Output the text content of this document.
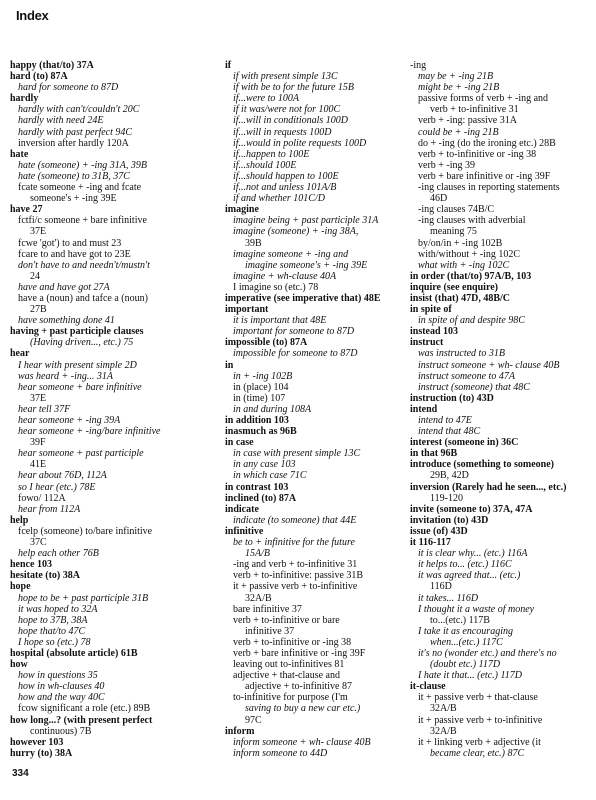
Index
happy (that/to) 37A
hard (to) 87A
hard for someone to 87D
hardly
hardly with can't/couldn't 20C
hardly with need 24E
hardly with past perfect 94C
inversion after hardly 120A
hate
hate (someone) + -ing 31A, 39B
hate (someone) to 31B, 37C
fcate someone + -ing and fcate
someone's + -ing 39E
have 27
fctfi/c someone + bare infinitive
37E
fcwe 'got') to and must 23
fcare to and have got to 23E
don't have to and needn't/mustn't
24
have and have got 27A
have a (noun) and tafce a (noun)
27B
have something done 41
having + past participle clauses
(Having driven..., etc.) 75
hear
I hear with present simple 2D
was heard + -ing... 31A
hear someone + bare infinitive
37E
hear tell 37F
hear someone + -ing 39A
hear someone + -ing/bare infinitive
39F
hear someone + past participle
41E
hear about 76D, 112A
so I hear (etc.) 78E
fowo/ 112A
hear from 112A
help
fcelp (someone) to/bare infinitive
37C
help each other 76B
hence 103
hesitate (to) 38A
hope
hope to be + past participle 31B
it was hoped to 32A
hope to 37B, 38A
hope that/to 47C
I hope so (etc.) 78
hospital (absolute article) 61B
how
how in questions 35
how in wh-clauses 40
how and the way 40C
fcow significant a role (etc.) 89B
how long...? (with present perfect
continuous) 7B
however 103
hurry (to) 38A
if
if with present simple 13C
if with be to for the future 15B
if...were to 100A
if it was/were not for 100C
if...will in conditionals 100D
if...will in requests 100D
if...would in polite requests 100D
if...happen to 100E
if...should 100E
if...should happen to 100E
if...not and unless 101A/B
if and whether 101C/D
imagine
imagine being + past participle 31A
imagine (someone) + -ing 38A,
39B
imagine someone + -ing and
imagine someone's + -ing 39E
imagine + wh-clause 40A
I imagine so (etc.) 78
imperative (see imperative that) 48E
important
it is important that 48E
important for someone to 87D
impossible (to) 87A
impossible for someone to 87D
in
in + -ing 102B
in (place) 104
in (time) 107
in and during 108A
in addition 103
inasmuch as 96B
in case
in case with present simple 13C
in any case 103
in which case 71C
in contrast 103
inclined (to) 87A
indicate
indicate (to someone) that 44E
infinitive
be to + infinitive for the future
15A/B
-ing and verb + to-infinitive 31
verb + to-infinitive: passive 31B
it + passive verb + to-infinitive
32A/B
bare infinitive 37
verb + to-infinitive or bare
infinitive 37
verb + to-infinitive or -ing 38
verb + bare infinitive or -ing 39F
leaving out to-infinitives 81
adjective + that-clause and
adjective + to-infinitive 87
to-infinitive for purpose (I'm
saving to buy a new car etc.)
97C
inform
inform someone + wh- clause 40B
inform someone to 44D
-ing
may be + -ing 21B
might be + -ing 21B
passive forms of verb + -ing and
verb + to-infinitive 31
verb + -ing: passive 31A
could be + -ing 21B
do + -ing (do the ironing etc.) 28B
verb + to-infinitive or -ing 38
verb + -ing 39
verb + bare infinitive or -ing 39F
-ing clauses in reporting statements
46D
-ing clauses 74B/C
-ing clauses with adverbial
meaning 75
by/on/in + -ing 102B
with/without + -ing 102C
what with + -ing 102C
in order (that/to) 97A/B, 103
inquire (see enquire)
insist (that) 47D, 48B/C
in spite of
in spite of and despite 98C
instead 103
instruct
was instructed to 31B
instruct someone + wh- clause 40B
instruct someone to 47A
instruct (someone) that 48C
instruction (to) 43D
intend
intend to 47E
intend that 48C
interest (someone in) 36C
in that 96B
introduce (something to someone)
29B, 42D
inversion (Rarely had he seen..., etc.)
119-120
invite (someone to) 37A, 47A
invitation (to) 43D
issue (of) 43D
it 116-117
it is clear why... (etc.) 116A
it helps to... (etc.) 116C
it was agreed that... (etc.)
116D
it takes... 116D
I thought it a waste of money
to...(etc.) 117B
I take it as encouraging
when...(etc.) 117C
it's no (wonder etc.) and there's no
(doubt etc.) 117D
I hate it that... (etc.) 117D
it-clause
it + passive verb + that-clause
32A/B
it + passive verb + to-infinitive
32A/B
it + linking verb + adjective (it
became clear, etc.) 87C
334
